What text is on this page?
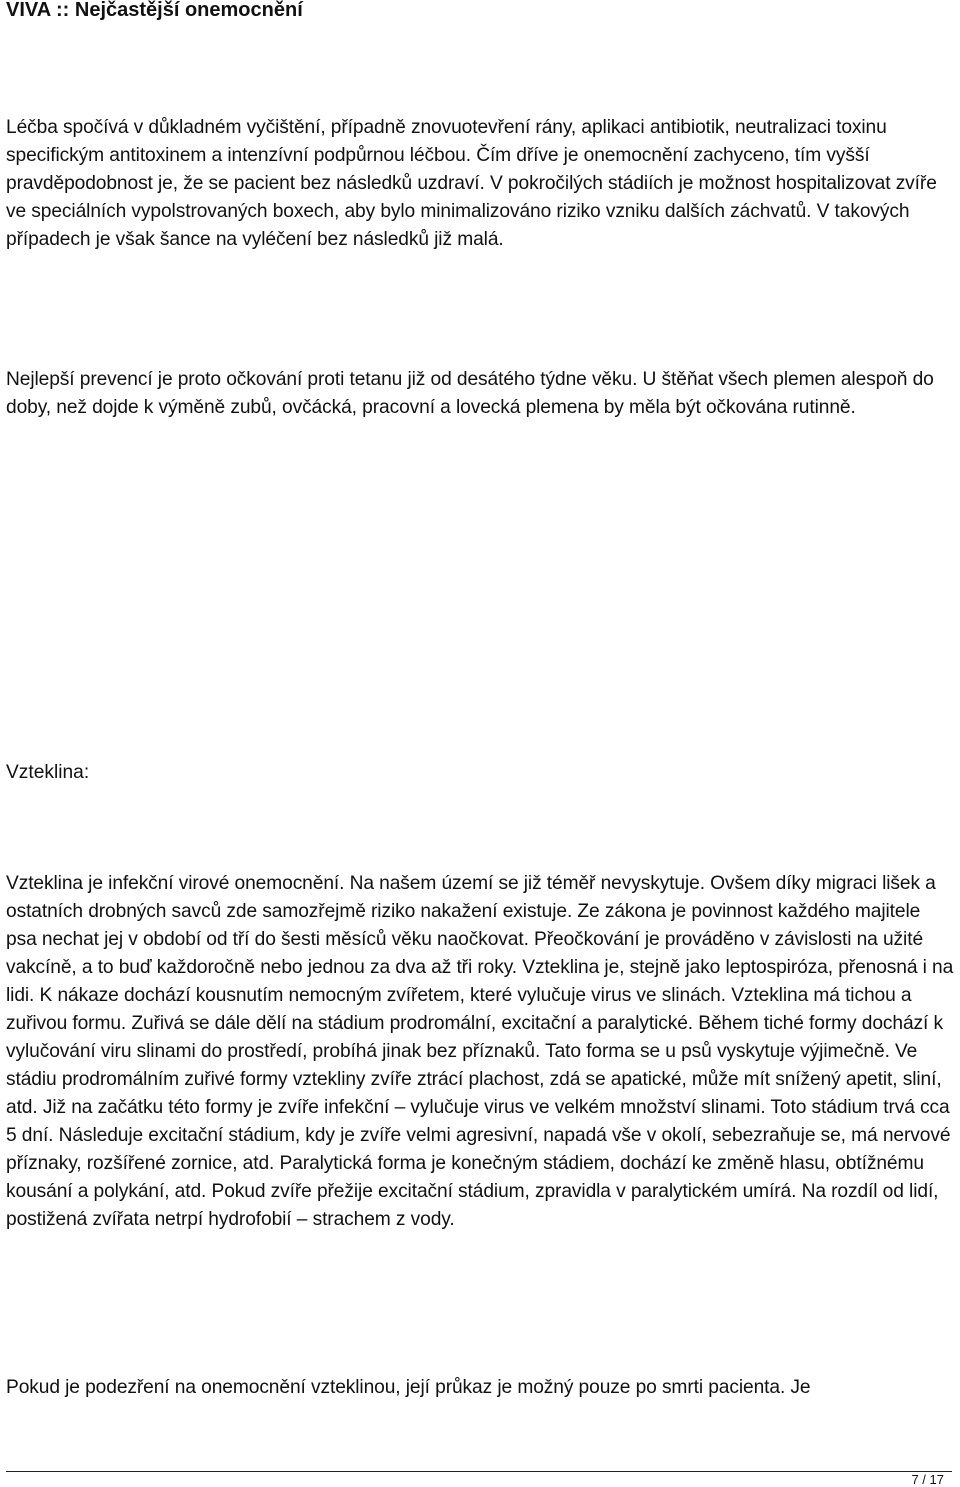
VIVA :: Nejčastější onemocnění

Léčba spočívá v důkladném vyčištění, případně znovuotevření rány, aplikaci antibiotik, neutralizaci toxinu specifickým antitoxinem a intenzívní podpůrnou léčbou. Čím dříve je onemocnění zachyceno, tím vyšší pravděpodobnost je, že se pacient bez následků uzdraví. V pokročilých stádiích je možnost hospitalizovat zvíře ve speciálních vypolstrovaných boxech, aby bylo minimalizováno riziko vzniku dalších záchvatů. V takových případech je však šance na vyléčení bez následků již malá.

Nejlepší prevencí je proto očkování proti tetanu již od desátého týdne věku. U štěňat všech plemen alespoň do doby, než dojde k výměně zubů, ovčácká, pracovní a lovecká plemena by měla být očkována rutinně.

Vzteklina:

Vzteklina je infekční virové onemocnění. Na našem území se již téměř nevyskytuje. Ovšem díky migraci lišek a ostatních drobných savců zde samozřejmě riziko nakažení existuje. Ze zákona je povinnost každého majitele psa nechat jej v období od tří do šesti měsíců věku naočkovat. Přeočkování je prováděno v závislosti na užité vakcíně, a to buď každoročně nebo jednou za dva až tři roky. Vzteklina je, stejně jako leptospiróza, přenosná i na lidi. K nákaze dochází kousnutím nemocným zvířetem, které vylučuje virus ve slinách. Vzteklina má tichou a zuřivou formu. Zuřivá se dále dělí na stádium prodromální, excitační a paralytické. Během tiché formy dochází k vylučování viru slinami do prostředí, probíhá jinak bez příznaků. Tato forma se u psů vyskytuje výjimečně. Ve stádiu prodromálním zuřivé formy vztekliny zvíře ztrácí plachost, zdá se apatické, může mít snížený apetit, sliní, atd. Již na začátku této formy je zvíře infekční – vylučuje virus ve velkém množství slinami. Toto stádium trvá cca 5 dní. Následuje excitační stádium, kdy je zvíře velmi agresivní, napadá vše v okolí, sebezraňuje se, má nervové příznaky, rozšířené zornice, atd. Paralytická forma je konečným stádiem, dochází ke změně hlasu, obtížnému kousání a polykání, atd. Pokud zvíře přežije excitační stádium, zpravidla v paralytickém umírá. Na rozdíl od lidí, postižená zvířata netrpí hydrofobií – strachem z vody.

Pokud je podezření na onemocnění vzteklinou, její průkaz je možný pouze po smrti pacienta. Je

7 / 17
